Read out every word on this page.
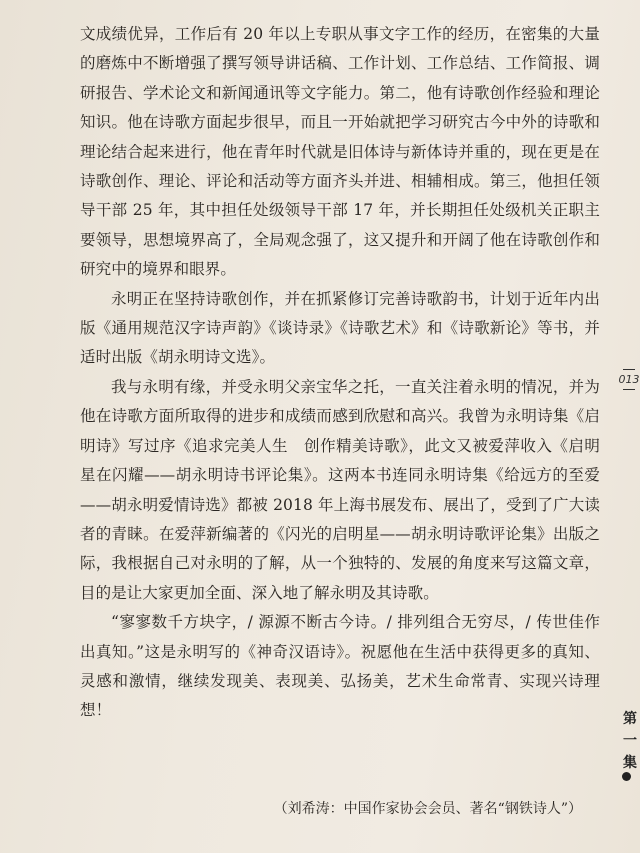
文成绩优异，工作后有 20 年以上专职从事文字工作的经历，在密集的大量的磨炼中不断增强了撰写领导讲话稿、工作计划、工作总结、工作简报、调研报告、学术论文和新闻通讯等文字能力。第二，他有诗歌创作经验和理论知识。他在诗歌方面起步很早，而且一开始就把学习研究古今中外的诗歌和理论结合起来进行，他在青年时代就是旧体诗与新体诗并重的，现在更是在诗歌创作、理论、评论和活动等方面齐头并进、相辅相成。第三，他担任领导干部 25 年，其中担任处级领导干部 17 年，并长期担任处级机关正职主要领导，思想境界高了，全局观念强了，这又提升和开阔了他在诗歌创作和研究中的境界和眼界。

永明正在坚持诗歌创作，并在抓紧修订完善诗歌韵书，计划于近年内出版《通用规范汉字诗声韵》《谈诗录》《诗歌艺术》和《诗歌新论》等书，并适时出版《胡永明诗文选》。

我与永明有缘，并受永明父亲宝华之托，一直关注着永明的情况，并为他在诗歌方面所取得的进步和成绩而感到欣慰和高兴。我曾为永明诗集《启明诗》写过序《追求完美人生　创作精美诗歌》，此文又被爱萍收入《启明星在闪耀——胡永明诗书评论集》。这两本书连同永明诗集《给远方的至爱——胡永明爱情诗选》都被 2018 年上海书展发布、展出了，受到了广大读者的青睐。在爱萍新编著的《闪光的启明星——胡永明诗歌评论集》出版之际，我根据自己对永明的了解，从一个独特的、发展的角度来写这篇文章，目的是让大家更加全面、深入地了解永明及其诗歌。

“寥寥数千方块字，/ 源源不断古今诗。/ 排列组合无穷尽，/ 传世佳作出真知。”这是永明写的《神奇汉语诗》。祝愿他在生活中获得更多的真知、灵感和激情，继续发现美、表现美、弘扬美，艺术生命常青、实现兴诗理想！

（刘希涛：中国作家协会会员、著名“钢铁诗人”）
013
第
一
集
